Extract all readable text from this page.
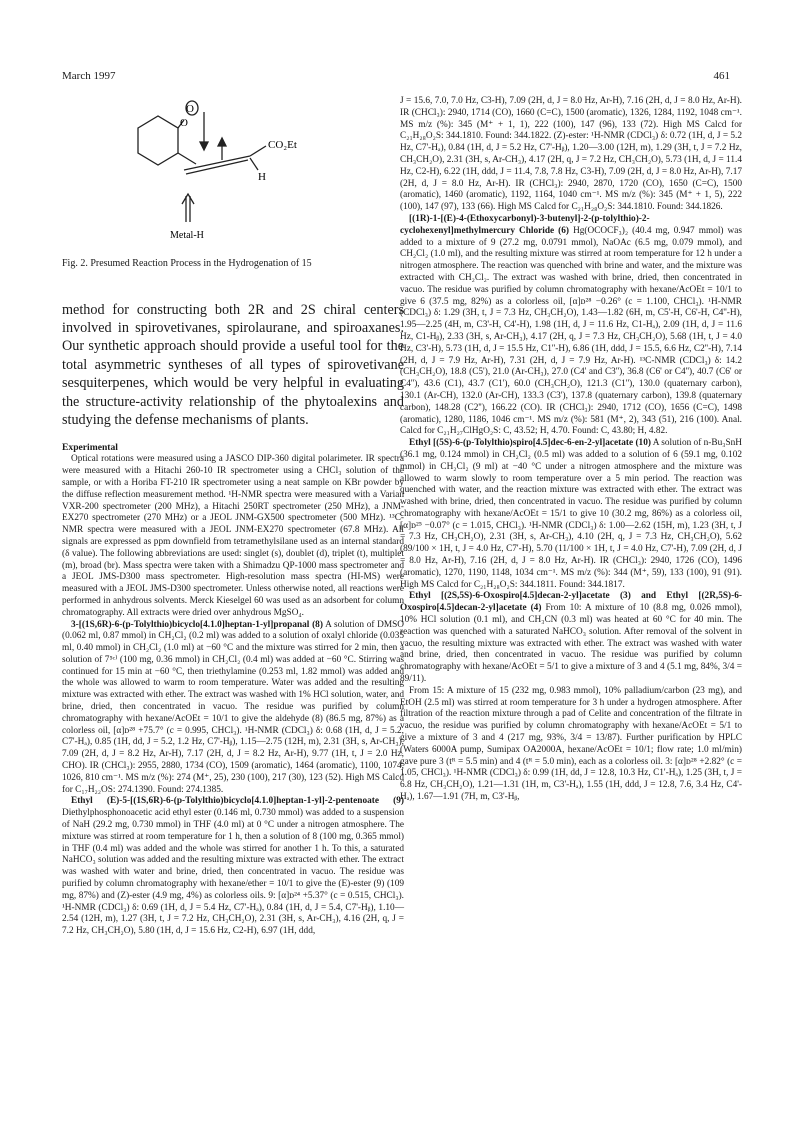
March 1997	461
O
O
CO₂Et
H
Metal-H

Fig. 2. Presumed Reaction Process in the Hydrogenation of 15

method for constructing both 2R and 2S chiral centers involved in spirovetivanes, spirolaurane, and spiroaxanes. Our synthetic approach should provide a useful tool for the total asymmetric syntheses of all types of spirovetivane sesquiterpenes, which would be very helpful in evaluating the structure-activity relationship of the phytoalexins and studying the defense mechanisms of plants.

Experimental

Optical rotations were measured using a JASCO DIP-360 digital polarimeter. IR spectra were measured with a Hitachi 260-10 IR spectrometer using a CHCl₃ solution of the sample, or with a Horiba FT-210 IR spectrometer using a neat sample on KBr powder by the diffuse reflection measurement method. ¹H-NMR spectra were measured with a Varian VXR-200 spectrometer (200 MHz), a Hitachi 250RT spectrometer (250 MHz), a JNM-EX270 spectrometer (270 MHz) or a JEOL JNM-GX500 spectrometer (500 MHz). ¹³C-NMR spectra were measured with a JEOL JNM-EX270 spectrometer (67.8 MHz). All signals are expressed as ppm downfield from tetramethylsilane used as an internal standard (δ value). The following abbreviations are used: singlet (s), doublet (d), triplet (t), multiplet (m), broad (br). Mass spectra were taken with a Shimadzu QP-1000 mass spectrometer and a JEOL JMS-D300 mass spectrometer. High-resolution mass spectra (HI-MS) were measured with a JEOL JMS-D300 spectrometer. Unless otherwise noted, all reactions were performed in anhydrous solvents. Merck Kieselgel 60 was used as an adsorbent for column chromatography. All extracts were dried over anhydrous MgSO₄.

3-[(1S,6R)-6-(p-Tolylthio)bicyclo[4.1.0]heptan-1-yl]propanal (8) A solution of DMSO (0.062 ml, 0.87 mmol) in CH₂Cl₂ (0.2 ml) was added to a solution of oxalyl chloride (0.035 ml, 0.40 mmol) in CH₂Cl₂ (1.0 ml) at −60 °C and the mixture was stirred for 2 min, then a solution of 7⁵ᶜ⁾ (100 mg, 0.36 mmol) in CH₂Cl₂ (0.4 ml) was added at −60 °C. Stirring was continued for 15 min at −60 °C, then triethylamine (0.253 ml, 1.82 mmol) was added and the whole was allowed to warm to room temperature. Water was added and the resulting mixture was extracted with ether. The extract was washed with 1% HCl solution, water, and brine, dried, then concentrated in vacuo. The residue was purified by column chromatography with hexane/AcOEt = 10/1 to give the aldehyde (8) (86.5 mg, 87%) as a colorless oil, [α]ᴅ²⁸ +75.7° (c = 0.995, CHCl₃). ¹H-NMR (CDCl₃) δ: 0.68 (1H, d, J = 5.2, C7'-Hₐ), 0.85 (1H, dd, J = 5.2, 1.2 Hz, C7'-Hᵦ), 1.15—2.75 (12H, m), 2.31 (3H, s, Ar-CH₃), 7.09 (2H, d, J = 8.2 Hz, Ar-H), 7.17 (2H, d, J = 8.2 Hz, Ar-H), 9.77 (1H, t, J = 2.0 Hz, CHO). IR (CHCl₃): 2955, 2880, 1734 (CO), 1509 (aromatic), 1464 (aromatic), 1100, 1074, 1026, 810 cm⁻¹. MS m/z (%): 274 (M⁺, 25), 230 (100), 217 (30), 123 (52). High MS Calcd for C₁₇H₂₂OS: 274.1390. Found: 274.1385.

Ethyl (E)-5-[(1S,6R)-6-(p-Tolylthio)bicyclo[4.1.0]heptan-1-yl]-2-pentenoate (9) Diethylphosphonoacetic acid ethyl ester (0.146 ml, 0.730 mmol) was added to a suspension of NaH (29.2 mg, 0.730 mmol) in THF (4.0 ml) at 0 °C under a nitrogen atmosphere. The mixture was stirred at room temperature for 1 h, then a solution of 8 (100 mg, 0.365 mmol) in THF (0.4 ml) was added and the whole was stirred for another 1 h. To this, a saturated NaHCO₃ solution was added and the resulting mixture was extracted with ether. The extract was washed with water and brine, dried, then concentrated in vacuo. The residue was purified by column chromatography with hexane/ether = 10/1 to give the (E)-ester (9) (109 mg, 87%) and (Z)-ester (4.9 mg, 4%) as colorless oils. 9: [α]ᴅ²⁴ +5.37° (c = 0.515, CHCl₃). ¹H-NMR (CDCl₃) δ: 0.69 (1H, d, J = 5.4 Hz, C7'-Hₐ), 0.84 (1H, d, J = 5.4, C7'-Hᵦ), 1.10—2.54 (12H, m), 1.27 (3H, t, J = 7.2 Hz, CH₃CH₂O), 2.31 (3H, s, Ar-CH₃), 4.16 (2H, q, J = 7.2 Hz, CH₃CH₂O), 5.80 (1H, d, J = 15.6 Hz, C2-H), 6.97 (1H, ddd,

J = 15.6, 7.0, 7.0 Hz, C3-H), 7.09 (2H, d, J = 8.0 Hz, Ar-H), 7.16 (2H, d, J = 8.0 Hz, Ar-H). IR (CHCl₃): 2940, 1714 (CO), 1660 (C=C), 1500 (aromatic), 1326, 1284, 1192, 1048 cm⁻¹. MS m/z (%): 345 (M⁺ + 1, 1), 222 (100), 147 (96), 133 (72). High MS Calcd for C₂₁H₂₈O₂S: 344.1810. Found: 344.1822. (Z)-ester: ¹H-NMR (CDCl₃) δ: 0.72 (1H, d, J = 5.2 Hz, C7'-Hₐ), 0.84 (1H, d, J = 5.2 Hz, C7'-Hᵦ), 1.20—3.00 (12H, m), 1.29 (3H, t, J = 7.2 Hz, CH₃CH₂O), 2.31 (3H, s, Ar-CH₃), 4.17 (2H, q, J = 7.2 Hz, CH₃CH₂O), 5.73 (1H, d, J = 11.4 Hz, C2-H), 6.22 (1H, ddd, J = 11.4, 7.8, 7.8 Hz, C3-H), 7.09 (2H, d, J = 8.0 Hz, Ar-H), 7.17 (2H, d, J = 8.0 Hz, Ar-H). IR (CHCl₃): 2940, 2870, 1720 (CO), 1650 (C=C), 1500 (aromatic), 1460 (aromatic), 1192, 1164, 1040 cm⁻¹. MS m/z (%): 345 (M⁺ + 1, 5), 222 (100), 147 (97), 133 (66). High MS Calcd for C₂₁H₂₈O₂S: 344.1810. Found: 344.1826.

[(1R)-1-[(E)-4-(Ethoxycarbonyl)-3-butenyl]-2-(p-tolylthio)-2-cyclohexenyl]methylmercury Chloride (6) Hg(OCOCF₃)₂ (40.4 mg, 0.947 mmol) was added to a mixture of 9 (27.2 mg, 0.0791 mmol), NaOAc (6.5 mg, 0.079 mmol), and CH₂Cl₂ (1.0 ml), and the resulting mixture was stirred at room temperature for 12 h under a nitrogen atmosphere. The reaction was quenched with brine and water, and the mixture was extracted with CH₂Cl₂. The extract was washed with brine, dried, then concentrated in vacuo. The residue was purified by column chromatography with hexane/AcOEt = 10/1 to give 6 (37.5 mg, 82%) as a colorless oil, [α]ᴅ²⁸ −0.26° (c = 1.100, CHCl₃). ¹H-NMR (CDCl₃) δ: 1.29 (3H, t, J = 7.3 Hz, CH₃CH₂O), 1.43—1.82 (6H, m, C5'-H, C6'-H, C4''-H), 1.95—2.25 (4H, m, C3'-H, C4'-H), 1.98 (1H, d, J = 11.6 Hz, C1-Hₐ), 2.09 (1H, d, J = 11.6 Hz, C1-Hᵦ), 2.33 (3H, s, Ar-CH₃), 4.17 (2H, q, J = 7.3 Hz, CH₃CH₂O), 5.68 (1H, t, J = 4.0 Hz, C3'-H), 5.73 (1H, d, J = 15.5 Hz, C1''-H), 6.86 (1H, ddd, J = 15.5, 6.6 Hz, C2''-H), 7.14 (2H, d, J = 7.9 Hz, Ar-H), 7.31 (2H, d, J = 7.9 Hz, Ar-H). ¹³C-NMR (CDCl₃) δ: 14.2 (CH₃CH₂O), 18.8 (C5'), 21.0 (Ar-CH₃), 27.0 (C4' and C3''), 36.8 (C6' or C4''), 40.7 (C6' or C4''), 43.6 (C1), 43.7 (C1'), 60.0 (CH₃CH₂O), 121.3 (C1''), 130.0 (quaternary carbon), 130.1 (Ar-CH), 132.0 (Ar-CH), 133.3 (C3'), 137.8 (quaternary carbon), 139.8 (quaternary carbon), 148.28 (C2''), 166.22 (CO). IR (CHCl₃): 2940, 1712 (CO), 1656 (C=C), 1498 (aromatic), 1280, 1186, 1046 cm⁻¹. MS m/z (%): 581 (M⁺, 2), 343 (51), 216 (100). Anal. Calcd for C₂₁H₂₇ClHgO₂S: C, 43.52; H, 4.70. Found: C, 43.80; H, 4.82.

Ethyl [(5S)-6-(p-Tolylthio)spiro[4.5]dec-6-en-2-yl]acetate (10) A solution of n-Bu₃SnH (36.1 mg, 0.124 mmol) in CH₂Cl₂ (0.5 ml) was added to a solution of 6 (59.1 mg, 0.102 mmol) in CH₂Cl₂ (9 ml) at −40 °C under a nitrogen atmosphere and the mixture was allowed to warm slowly to room temperature over a 5 min period. The reaction was quenched with water, and the reaction mixture was extracted with ether. The extract was washed with brine, dried, then concentrated in vacuo. The residue was purified by column chromatography with hexane/AcOEt = 15/1 to give 10 (30.2 mg, 86%) as a colorless oil, [α]ᴅ²⁵ −0.07° (c = 1.015, CHCl₃). ¹H-NMR (CDCl₃) δ: 1.00—2.62 (15H, m), 1.23 (3H, t, J = 7.3 Hz, CH₃CH₂O), 2.31 (3H, s, Ar-CH₃), 4.10 (2H, q, J = 7.3 Hz, CH₃CH₂O), 5.62 (89/100 × 1H, t, J = 4.0 Hz, C7'-H), 5.70 (11/100 × 1H, t, J = 4.0 Hz, C7'-H), 7.09 (2H, d, J = 8.0 Hz, Ar-H), 7.16 (2H, d, J = 8.0 Hz, Ar-H). IR (CHCl₃): 2940, 1726 (CO), 1496 (aromatic), 1270, 1190, 1148, 1034 cm⁻¹. MS m/z (%): 344 (M⁺, 59), 133 (100), 91 (91). High MS Calcd for C₂₁H₂₈O₂S: 344.1811. Found: 344.1817.

Ethyl [(2S,5S)-6-Oxospiro[4.5]decan-2-yl]acetate (3) and Ethyl [(2R,5S)-6-Oxospiro[4.5]decan-2-yl]acetate (4) From 10: A mixture of 10 (8.8 mg, 0.026 mmol), 10% HCl solution (0.1 ml), and CH₃CN (0.3 ml) was heated at 60 °C for 40 min. The reaction was quenched with a saturated NaHCO₃ solution. After removal of the solvent in vacuo, the resulting mixture was extracted with ether. The extract was washed with water and brine, dried, then concentrated in vacuo. The residue was purified by column chromatography with hexane/AcOEt = 5/1 to give a mixture of 3 and 4 (5.1 mg, 84%, 3/4 = 89/11).

From 15: A mixture of 15 (232 mg, 0.983 mmol), 10% palladium/carbon (23 mg), and EtOH (2.5 ml) was stirred at room temperature for 3 h under a hydrogen atmosphere. After filtration of the reaction mixture through a pad of Celite and concentration of the filtrate in vacuo, the residue was purified by column chromatography with hexane/AcOEt = 5/1 to give a mixture of 3 and 4 (217 mg, 93%, 3/4 = 13/87). Further purification by HPLC (Waters 6000A pump, Sumipax OA2000A, hexane/AcOEt = 10/1; flow rate; 1.0 ml/min) gave pure 3 (tᴿ = 5.5 min) and 4 (tᴿ = 5.0 min), each as a colorless oil. 3: [α]ᴅ²⁸ +2.82° (c = 1.05, CHCl₃). ¹H-NMR (CDCl₃) δ: 0.99 (1H, dd, J = 12.8, 10.3 Hz, C1'-Hₐ), 1.25 (3H, t, J = 6.8 Hz, CH₃CH₂O), 1.21—1.31 (1H, m, C3'-Hₐ), 1.55 (1H, ddd, J = 12.8, 7.6, 3.4 Hz, C4'-Hₐ), 1.67—1.91 (7H, m, C3'-Hᵦ,
